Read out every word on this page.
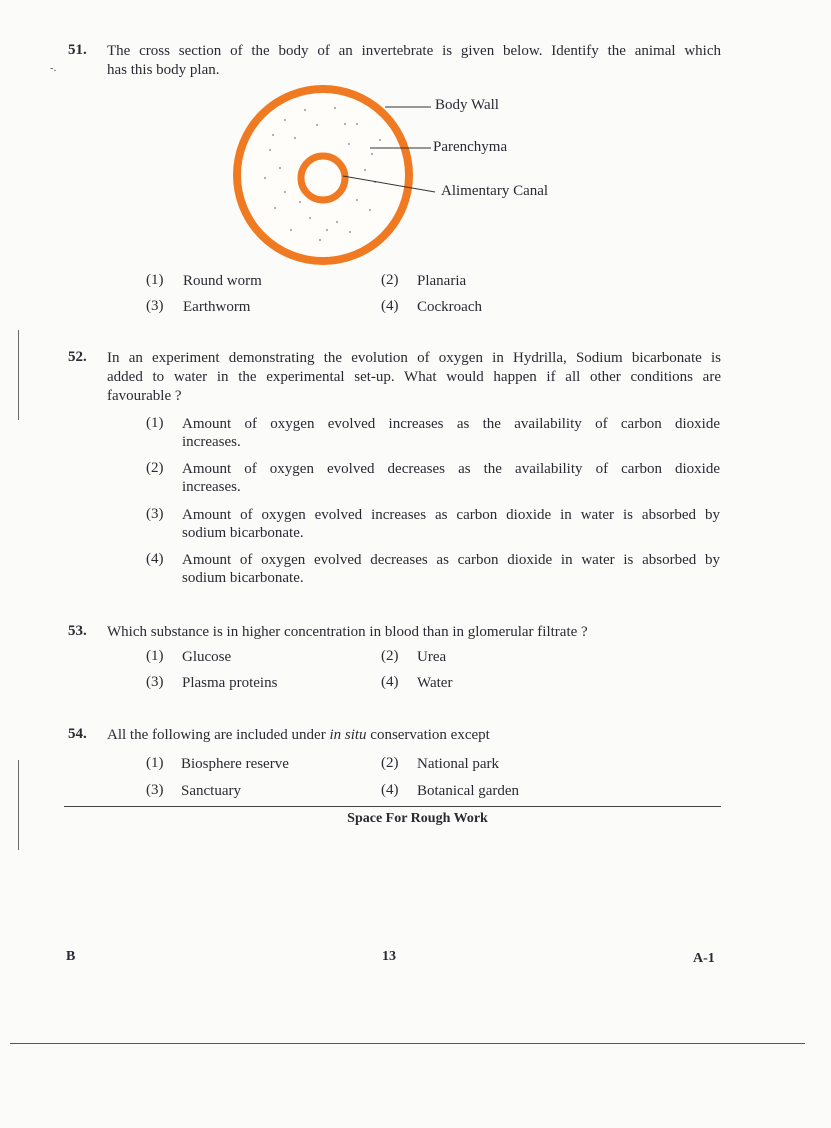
-.
51. The cross section of the body of an invertebrate is given below. Identify the animal which
has this body plan.
Body Wall
Parenchyma
Alimentary Canal
(1) Round worm	(2) Planaria
(3) Earthworm	(4) Cockroach
52. In an experiment demonstrating the evolution of oxygen in Hydrilla, Sodium bicarbonate is
added to water in the experimental set-up. What would happen if all other conditions are
favourable ?
(1) Amount of oxygen evolved increases as the availability of carbon dioxide
increases.
(2) Amount of oxygen evolved decreases as the availability of carbon dioxide
increases.
(3) Amount of oxygen evolved increases as carbon dioxide in water is absorbed by
sodium bicarbonate.
(4) Amount of oxygen evolved decreases as carbon dioxide in water is absorbed by
sodium bicarbonate.
53. Which substance is in higher concentration in blood than in glomerular filtrate ?
(1) Glucose	(2) Urea
(3) Plasma proteins	(4) Water
54. All the following are included under in situ conservation except
(1) Biosphere reserve	(2) National park
(3) Sanctuary	(4) Botanical garden
Space For Rough Work
B	13	A-1
